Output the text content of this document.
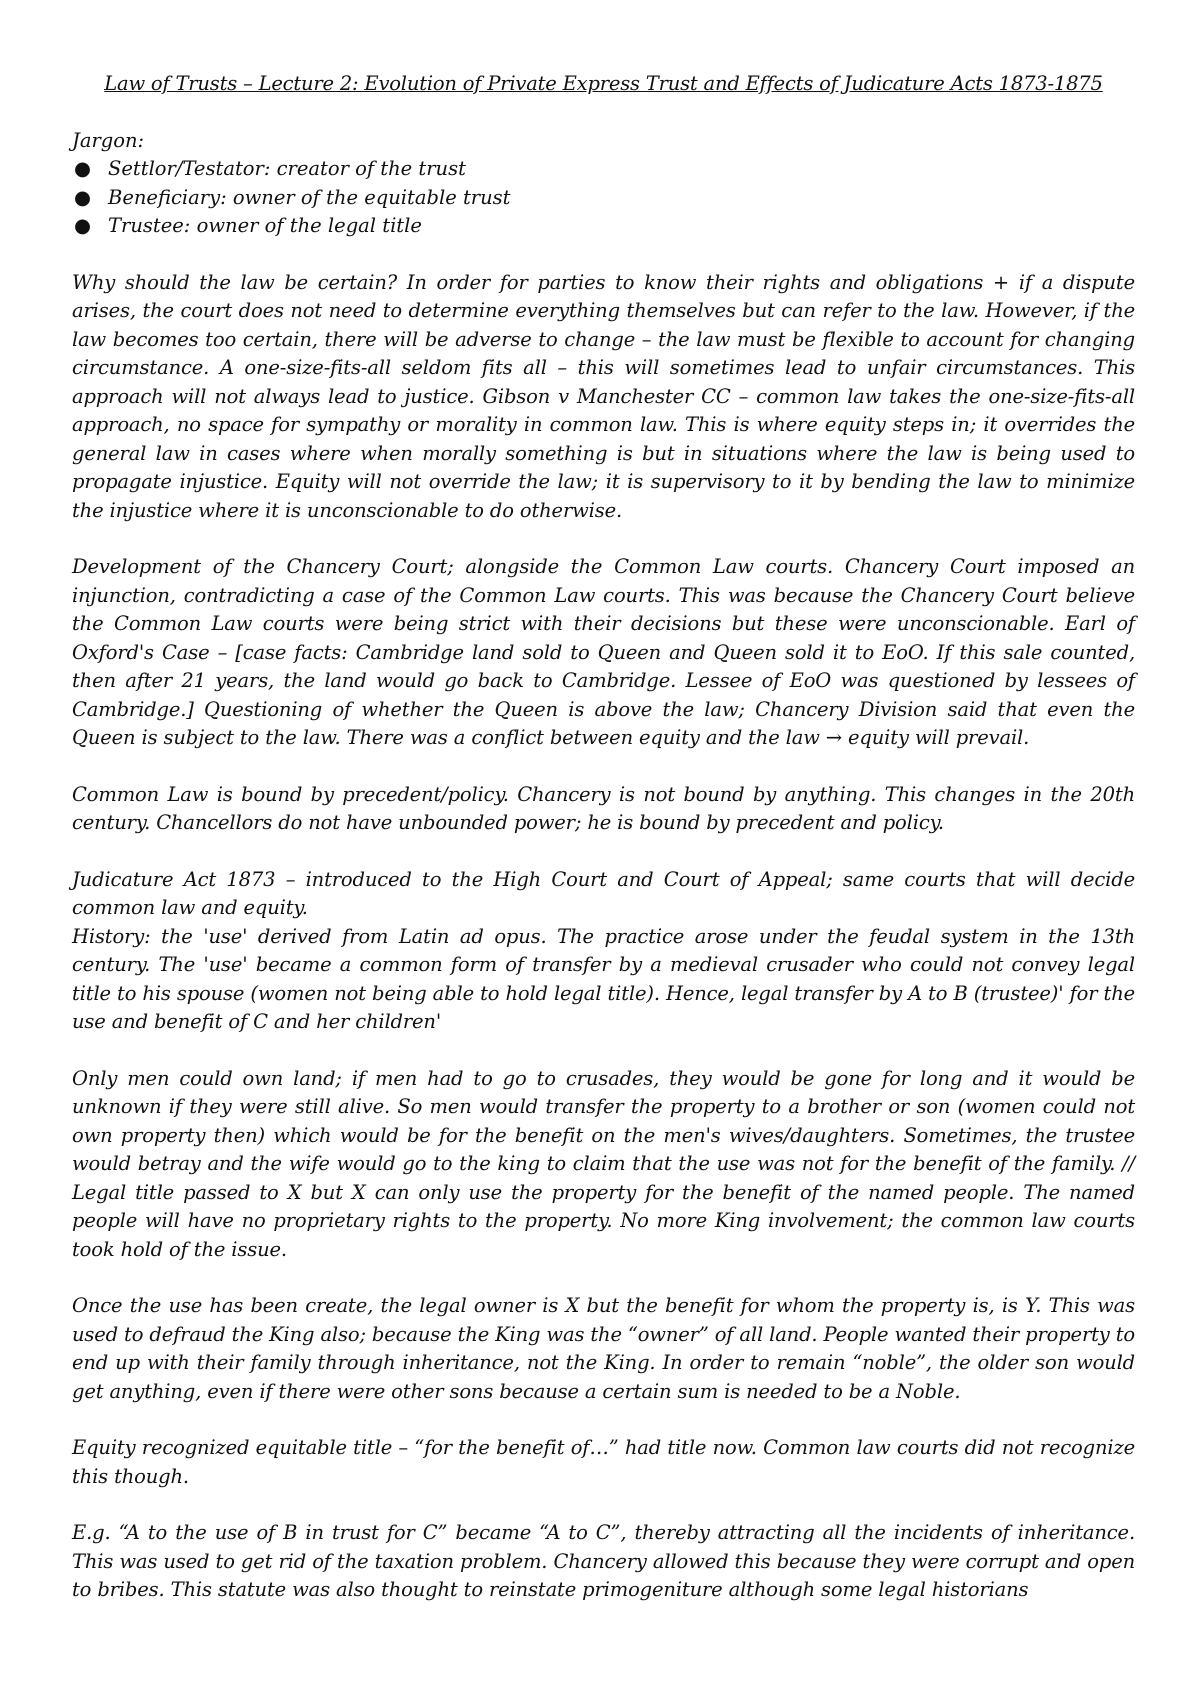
Law of Trusts – Lecture 2: Evolution of Private Express Trust and Effects of Judicature Acts 1873-1875
Jargon:
● Settlor/Testator: creator of the trust
● Beneficiary: owner of the equitable trust
● Trustee: owner of the legal title

Why should the law be certain? In order for parties to know their rights and obligations + if a dispute arises, the court does not need to determine everything themselves but can refer to the law. However, if the law becomes too certain, there will be adverse to change – the law must be flexible to account for changing circumstance. A one-size-fits-all seldom fits all – this will sometimes lead to unfair circumstances. This approach will not always lead to justice. Gibson v Manchester CC – common law takes the one-size-fits-all approach, no space for sympathy or morality in common law. This is where equity steps in; it overrides the general law in cases where when morally something is but in situations where the law is being used to propagate injustice. Equity will not override the law; it is supervisory to it by bending the law to minimize the injustice where it is unconscionable to do otherwise.

Development of the Chancery Court; alongside the Common Law courts. Chancery Court imposed an injunction, contradicting a case of the Common Law courts. This was because the Chancery Court believe the Common Law courts were being strict with their decisions but these were unconscionable. Earl of Oxford's Case – [case facts: Cambridge land sold to Queen and Queen sold it to EoO. If this sale counted, then after 21 years, the land would go back to Cambridge. Lessee of EoO was questioned by lessees of Cambridge.] Questioning of whether the Queen is above the law; Chancery Division said that even the Queen is subject to the law. There was a conflict between equity and the law → equity will prevail.

Common Law is bound by precedent/policy. Chancery is not bound by anything. This changes in the 20th century. Chancellors do not have unbounded power; he is bound by precedent and policy.

Judicature Act 1873 – introduced to the High Court and Court of Appeal; same courts that will decide common law and equity.

History: the 'use' derived from Latin ad opus. The practice arose under the feudal system in the 13th century. The 'use' became a common form of transfer by a medieval crusader who could not convey legal title to his spouse (women not being able to hold legal title). Hence, legal transfer by A to B (trustee)' for the use and benefit of C and her children'

Only men could own land; if men had to go to crusades, they would be gone for long and it would be unknown if they were still alive. So men would transfer the property to a brother or son (women could not own property then) which would be for the benefit on the men's wives/daughters. Sometimes, the trustee would betray and the wife would go to the king to claim that the use was not for the benefit of the family. // Legal title passed to X but X can only use the property for the benefit of the named people. The named people will have no proprietary rights to the property. No more King involvement; the common law courts took hold of the issue.

Once the use has been create, the legal owner is X but the benefit for whom the property is, is Y. This was used to defraud the King also; because the King was the “owner” of all land. People wanted their property to end up with their family through inheritance, not the King. In order to remain “noble”, the older son would get anything, even if there were other sons because a certain sum is needed to be a Noble.

Equity recognized equitable title – “for the benefit of…” had title now. Common law courts did not recognize this though.

E.g. “A to the use of B in trust for C” became “A to C”, thereby attracting all the incidents of inheritance. This was used to get rid of the taxation problem. Chancery allowed this because they were corrupt and open to bribes. This statute was also thought to reinstate primogeniture although some legal historians
